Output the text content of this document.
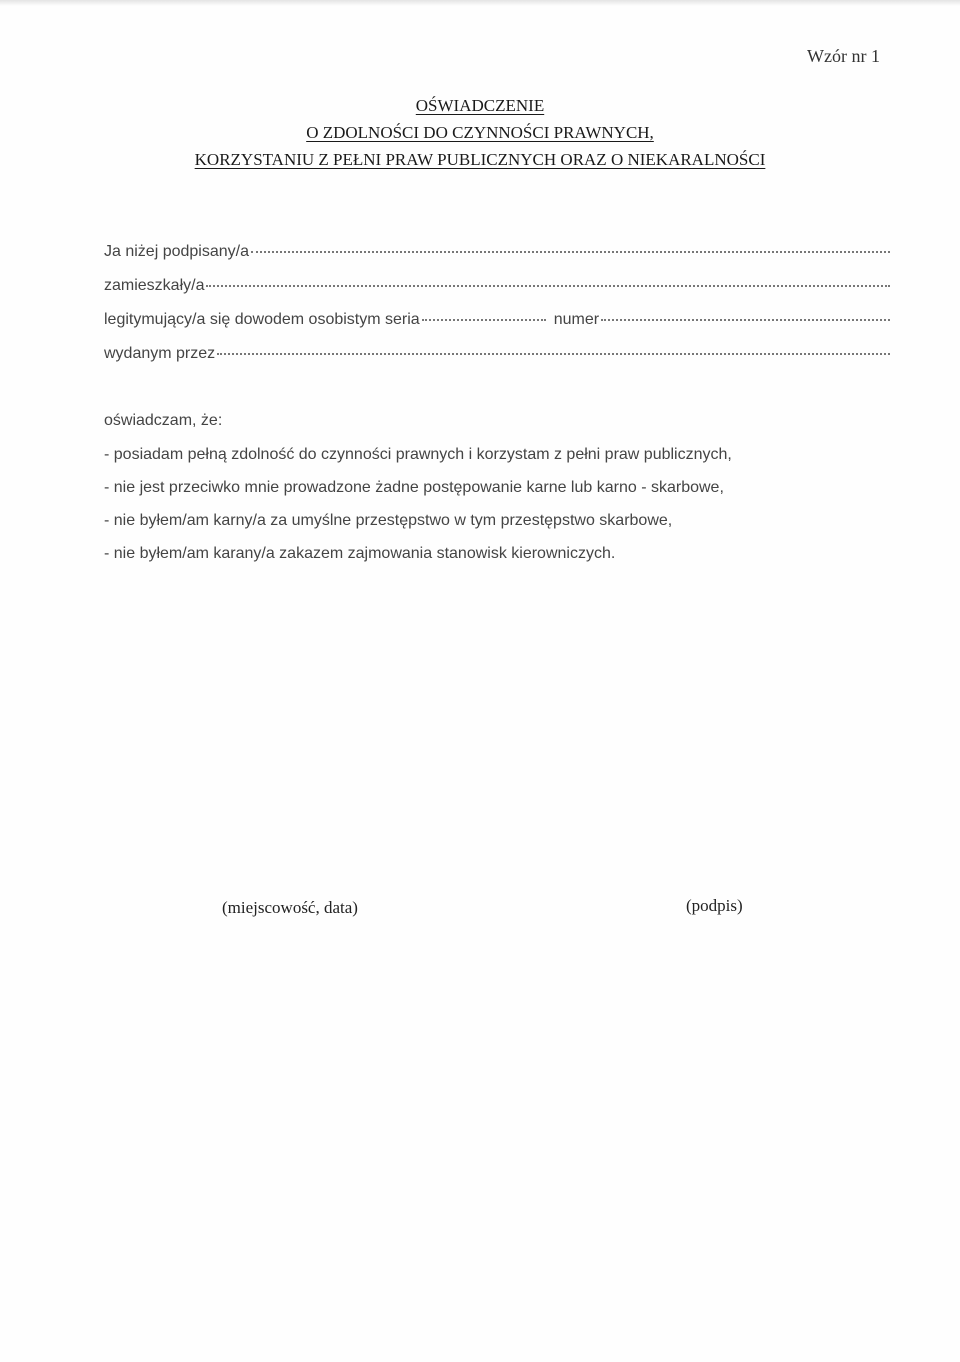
Wzór nr 1
OŚWIADCZENIE
O ZDOLNOŚCI DO CZYNNOŚCI PRAWNYCH,
KORZYSTANIU Z PEŁNI PRAW PUBLICZNYCH ORAZ O NIEKARALNOŚCI
Ja niżej podpisany/a
zamieszkały/a
legitymujący/a się dowodem osobistym seria	numer
wydanym przez
oświadczam, że:
- posiadam pełną zdolność do czynności prawnych i korzystam z pełni praw publicznych,
- nie jest przeciwko mnie prowadzone żadne postępowanie karne lub karno - skarbowe,
- nie byłem/am karny/a za umyślne przestępstwo w tym przestępstwo skarbowe,
- nie byłem/am karany/a zakazem zajmowania stanowisk kierowniczych.
(miejscowość, data)	(podpis)
